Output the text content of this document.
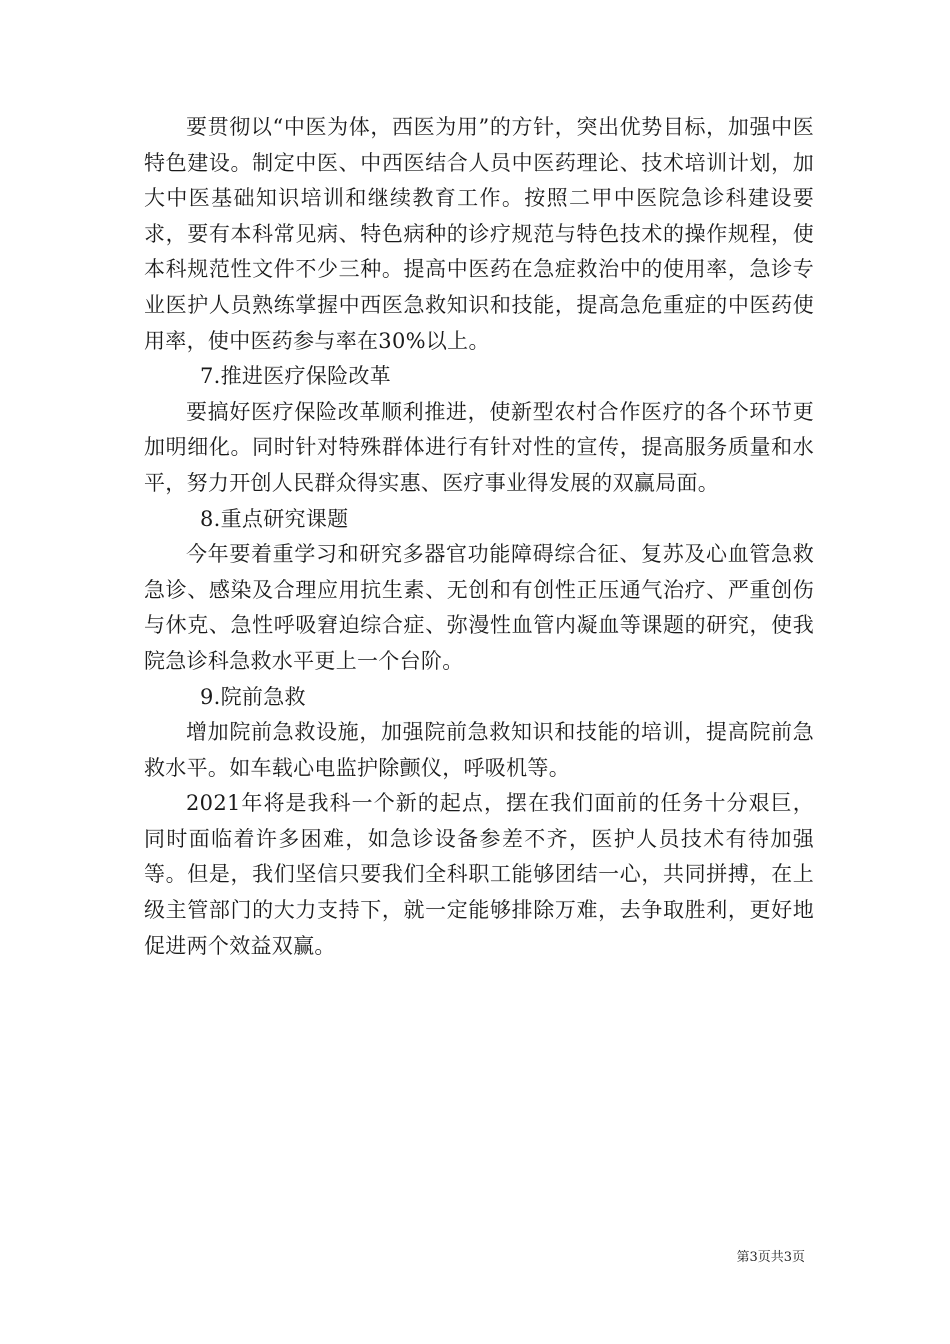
要贯彻以“中医为体，西医为用”的方针，突出优势目标，加强中医特色建设。制定中医、中西医结合人员中医药理论、技术培训计划，加大中医基础知识培训和继续教育工作。按照二甲中医院急诊科建设要求，要有本科常见病、特色病种的诊疗规范与特色技术的操作规程，使本科规范性文件不少三种。提高中医药在急症救治中的使用率，急诊专业医护人员熟练掌握中西医急救知识和技能，提高急危重症的中医药使用率，使中医药参与率在30%以上。

7.推进医疗保险改革

要搞好医疗保险改革顺利推进，使新型农村合作医疗的各个环节更加明细化。同时针对特殊群体进行有针对性的宣传，提高服务质量和水平，努力开创人民群众得实惠、医疗事业得发展的双赢局面。

8.重点研究课题

今年要着重学习和研究多器官功能障碍综合征、复苏及心血管急救急诊、感染及合理应用抗生素、无创和有创性正压通气治疗、严重创伤与休克、急性呼吸窘迫综合症、弥漫性血管内凝血等课题的研究，使我院急诊科急救水平更上一个台阶。

9.院前急救

增加院前急救设施，加强院前急救知识和技能的培训，提高院前急救水平。如车载心电监护除颤仪，呼吸机等。

2021年将是我科一个新的起点，摆在我们面前的任务十分艰巨，同时面临着许多困难，如急诊设备参差不齐，医护人员技术有待加强等。但是，我们坚信只要我们全科职工能够团结一心，共同拼搏，在上级主管部门的大力支持下，就一定能够排除万难，去争取胜利，更好地促进两个效益双赢。

第3页共3页
